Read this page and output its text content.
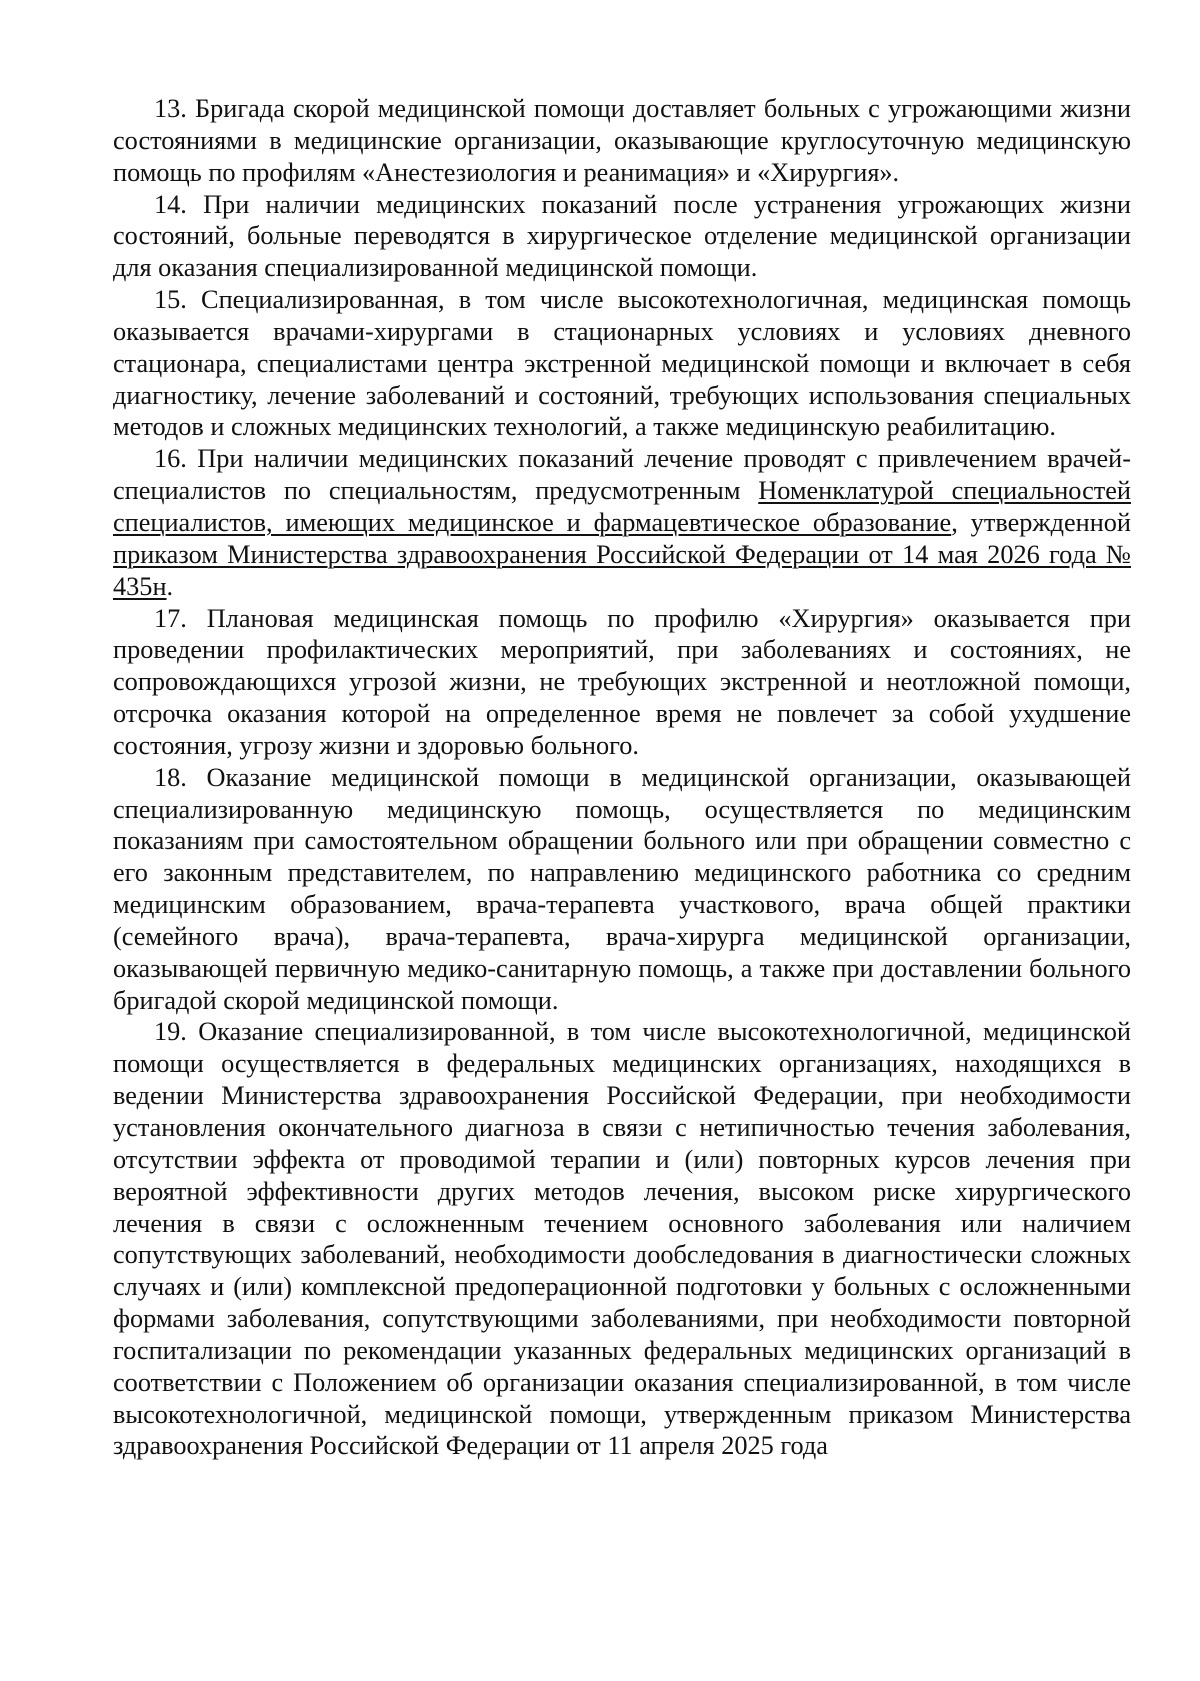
13. Бригада скорой медицинской помощи доставляет больных с угрожающими жизни состояниями в медицинские организации, оказывающие круглосуточную медицинскую помощь по профилям «Анестезиология и реанимация» и «Хирургия».

14. При наличии медицинских показаний после устранения угрожающих жизни состояний, больные переводятся в хирургическое отделение медицинской организации для оказания специализированной медицинской помощи.

15. Специализированная, в том числе высокотехнологичная, медицинская помощь оказывается врачами-хирургами в стационарных условиях и условиях дневного стационара, специалистами центра экстренной медицинской помощи и включает в себя диагностику, лечение заболеваний и состояний, требующих использования специальных методов и сложных медицинских технологий, а также медицинскую реабилитацию.

16. При наличии медицинских показаний лечение проводят с привлечением врачей-специалистов по специальностям, предусмотренным Номенклатурой специальностей специалистов, имеющих медицинское и фармацевтическое образование, утвержденной приказом Министерства здравоохранения Российской Федерации от 14 мая 2026 года № 435н.

17. Плановая медицинская помощь по профилю «Хирургия» оказывается при проведении профилактических мероприятий, при заболеваниях и состояниях, не сопровождающихся угрозой жизни, не требующих экстренной и неотложной помощи, отсрочка оказания которой на определенное время не повлечет за собой ухудшение состояния, угрозу жизни и здоровью больного.

18. Оказание медицинской помощи в медицинской организации, оказывающей специализированную медицинскую помощь, осуществляется по медицинским показаниям при самостоятельном обращении больного или при обращении совместно с его законным представителем, по направлению медицинского работника со средним медицинским образованием, врача-терапевта участкового, врача общей практики (семейного врача), врача-терапевта, врача-хирурга медицинской организации, оказывающей первичную медико-санитарную помощь, а также при доставлении больного бригадой скорой медицинской помощи.

19. Оказание специализированной, в том числе высокотехнологичной, медицинской помощи осуществляется в федеральных медицинских организациях, находящихся в ведении Министерства здравоохранения Российской Федерации, при необходимости установления окончательного диагноза в связи с нетипичностью течения заболевания, отсутствии эффекта от проводимой терапии и (или) повторных курсов лечения при вероятной эффективности других методов лечения, высоком риске хирургического лечения в связи с осложненным течением основного заболевания или наличием сопутствующих заболеваний, необходимости дообследования в диагностически сложных случаях и (или) комплексной предоперационной подготовки у больных с осложненными формами заболевания, сопутствующими заболеваниями, при необходимости повторной госпитализации по рекомендации указанных федеральных медицинских организаций в соответствии с Положением об организации оказания специализированной, в том числе высокотехнологичной, медицинской помощи, утвержденным приказом Министерства здравоохранения Российской Федерации от 11 апреля 2025 года
